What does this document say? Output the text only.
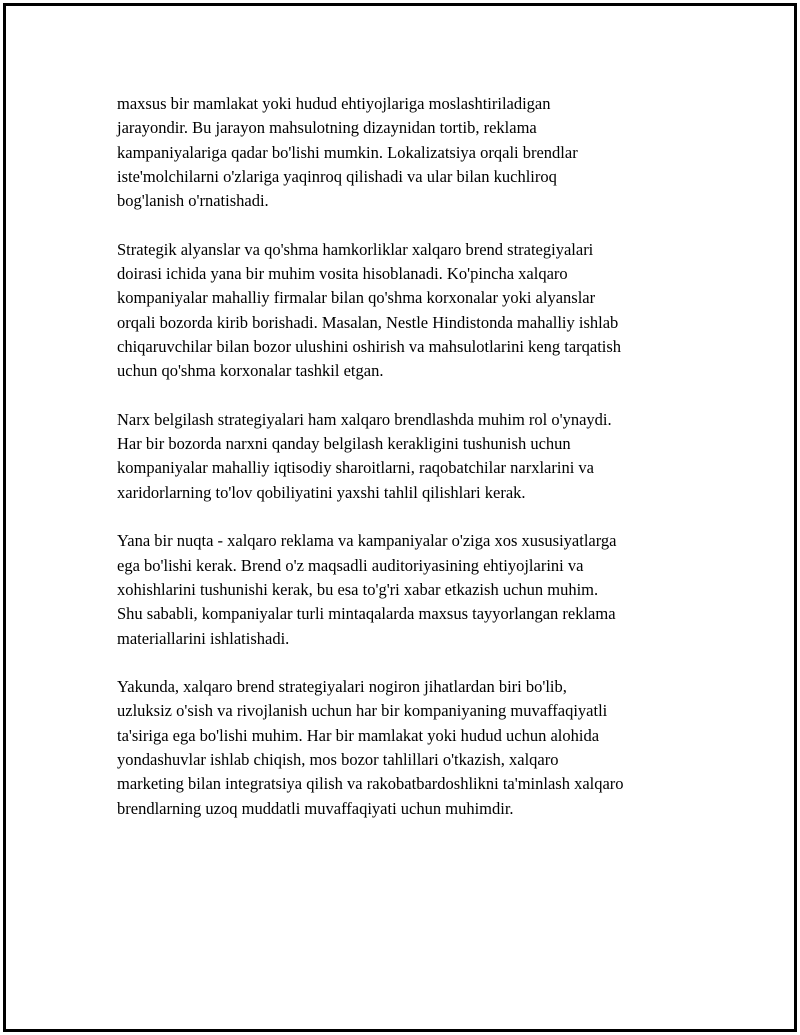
maxsus bir mamlakat yoki hudud ehtiyojlariga moslashtiriladigan
jarayondir. Bu jarayon mahsulotning dizaynidan tortib, reklama
kampaniyalariga qadar bo'lishi mumkin. Lokalizatsiya orqali brendlar
iste'molchilarni o'zlariga yaqinroq qilishadi va ular bilan kuchliroq
bog'lanish o'rnatishadi.

Strategik alyanslar va qo'shma hamkorliklar xalqaro brend strategiyalari
doirasi ichida yana bir muhim vosita hisoblanadi. Ko'pincha xalqaro
kompaniyalar mahalliy firmalar bilan qo'shma korxonalar yoki alyanslar
orqali bozorda kirib borishadi. Masalan, Nestle Hindistonda mahalliy ishlab
chiqaruvchilar bilan bozor ulushini oshirish va mahsulotlarini keng tarqatish
uchun qo'shma korxonalar tashkil etgan.

Narx belgilash strategiyalari ham xalqaro brendlashda muhim rol o'ynaydi.
Har bir bozorda narxni qanday belgilash kerakligini tushunish uchun
kompaniyalar mahalliy iqtisodiy sharoitlarni, raqobatchilar narxlarini va
xaridorlarning to'lov qobiliyatini yaxshi tahlil qilishlari kerak.

Yana bir nuqta - xalqaro reklama va kampaniyalar o'ziga xos xususiyatlarga
ega bo'lishi kerak. Brend o'z maqsadli auditoriyasining ehtiyojlarini va
xohishlarini tushunishi kerak, bu esa to'g'ri xabar etkazish uchun muhim.
Shu sababli, kompaniyalar turli mintaqalarda maxsus tayyorlangan reklama
materiallarini ishlatishadi.

Yakunda, xalqaro brend strategiyalari nogiron jihatlardan biri bo'lib,
uzluksiz o'sish va rivojlanish uchun har bir kompaniyaning muvaffaqiyatli
ta'siriga ega bo'lishi muhim. Har bir mamlakat yoki hudud uchun alohida
yondashuvlar ishlab chiqish, mos bozor tahlillari o'tkazish, xalqaro
marketing bilan integratsiya qilish va rakobatbardoshlikni ta'minlash xalqaro
brendlarning uzoq muddatli muvaffaqiyati uchun muhimdir.
